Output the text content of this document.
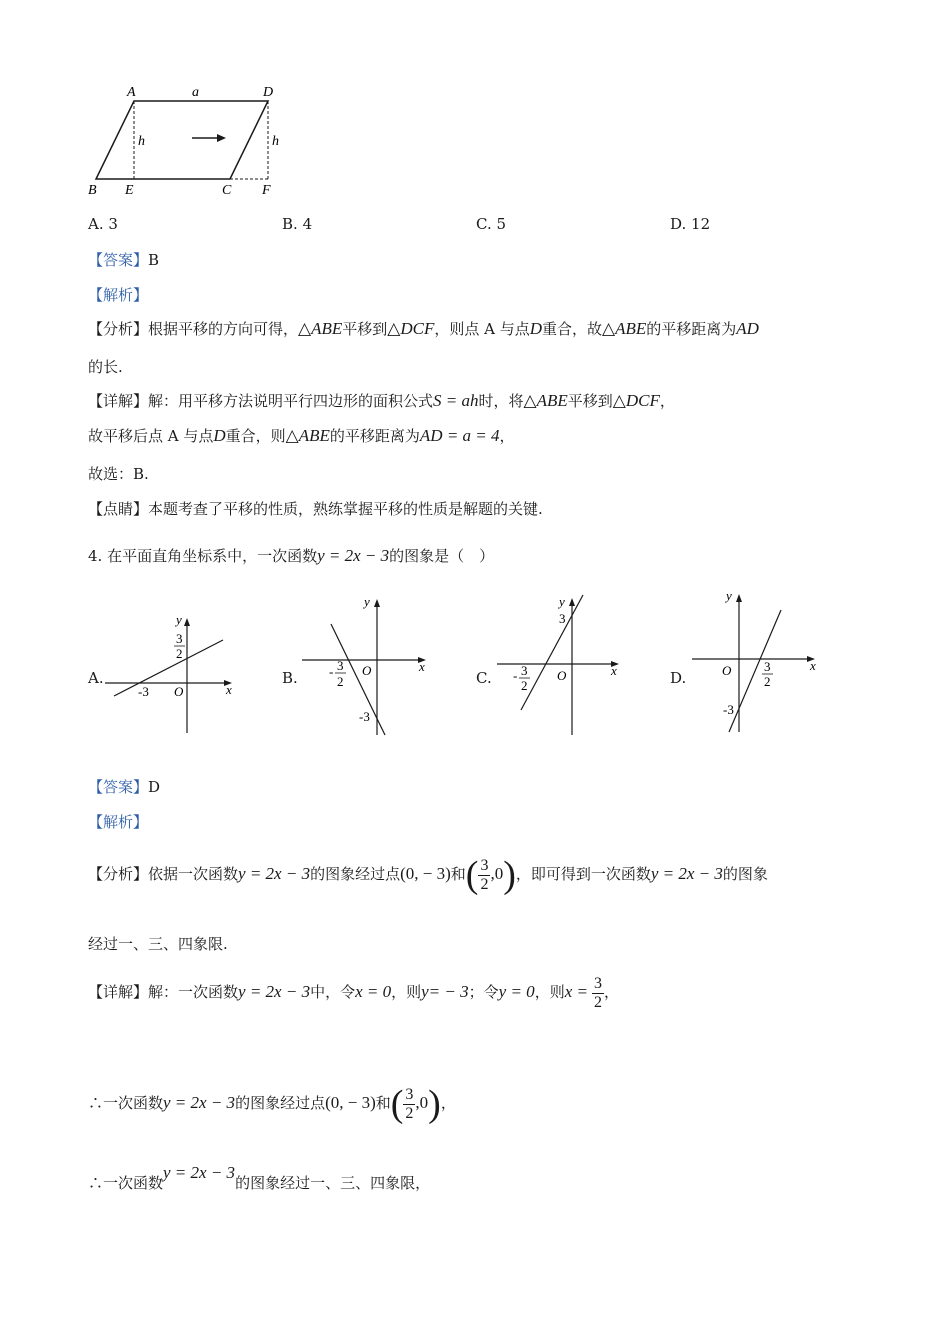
A	a	D
h	h
B E	C F
A. 3	B. 4	C. 5	D. 12
【答案】B
【解析】
【分析】根据平移的方向可得，△ABE平移到△DCF，则点 A 与点D重合，故△ABE的平移距离为AD
的长.
【详解】解：用平移方法说明平行四边形的面积公式S = ah时，将△ABE平移到△DCF，
故平移后点 A 与点D重合，则△ABE的平移距离为AD = a = 4，
故选：B.
【点睛】本题考查了平移的性质，熟练掌握平移的性质是解题的关键.
4. 在平面直角坐标系中，一次函数y = 2x − 3的图象是（　）
A.
y
x
O
-3
3
2
B.
y
x
O
- 3
2
-3
C.
y
x
O
3
- 3
2	D.
y
x
O	3
2
-3
【答案】D
【解析】
【分析】依据一次函数y = 2x − 3的图象经过点(0, − 3)和( $\frac{3}{2} ,0$)，即可得到一次函数y = 2x − 3的图象
经过一、三、四象限.
【详解】解：一次函数y = 2x − 3中，令x = 0，则y= − 3；令y = 0，则$x = \frac{3}{2}$ ，
∴一次函数y = 2x − 3的图象经过点(0, − 3)和( $\frac{3}{2} ,0$)，
∴一次函数y = 2x − 3的图象经过一、三、四象限，
